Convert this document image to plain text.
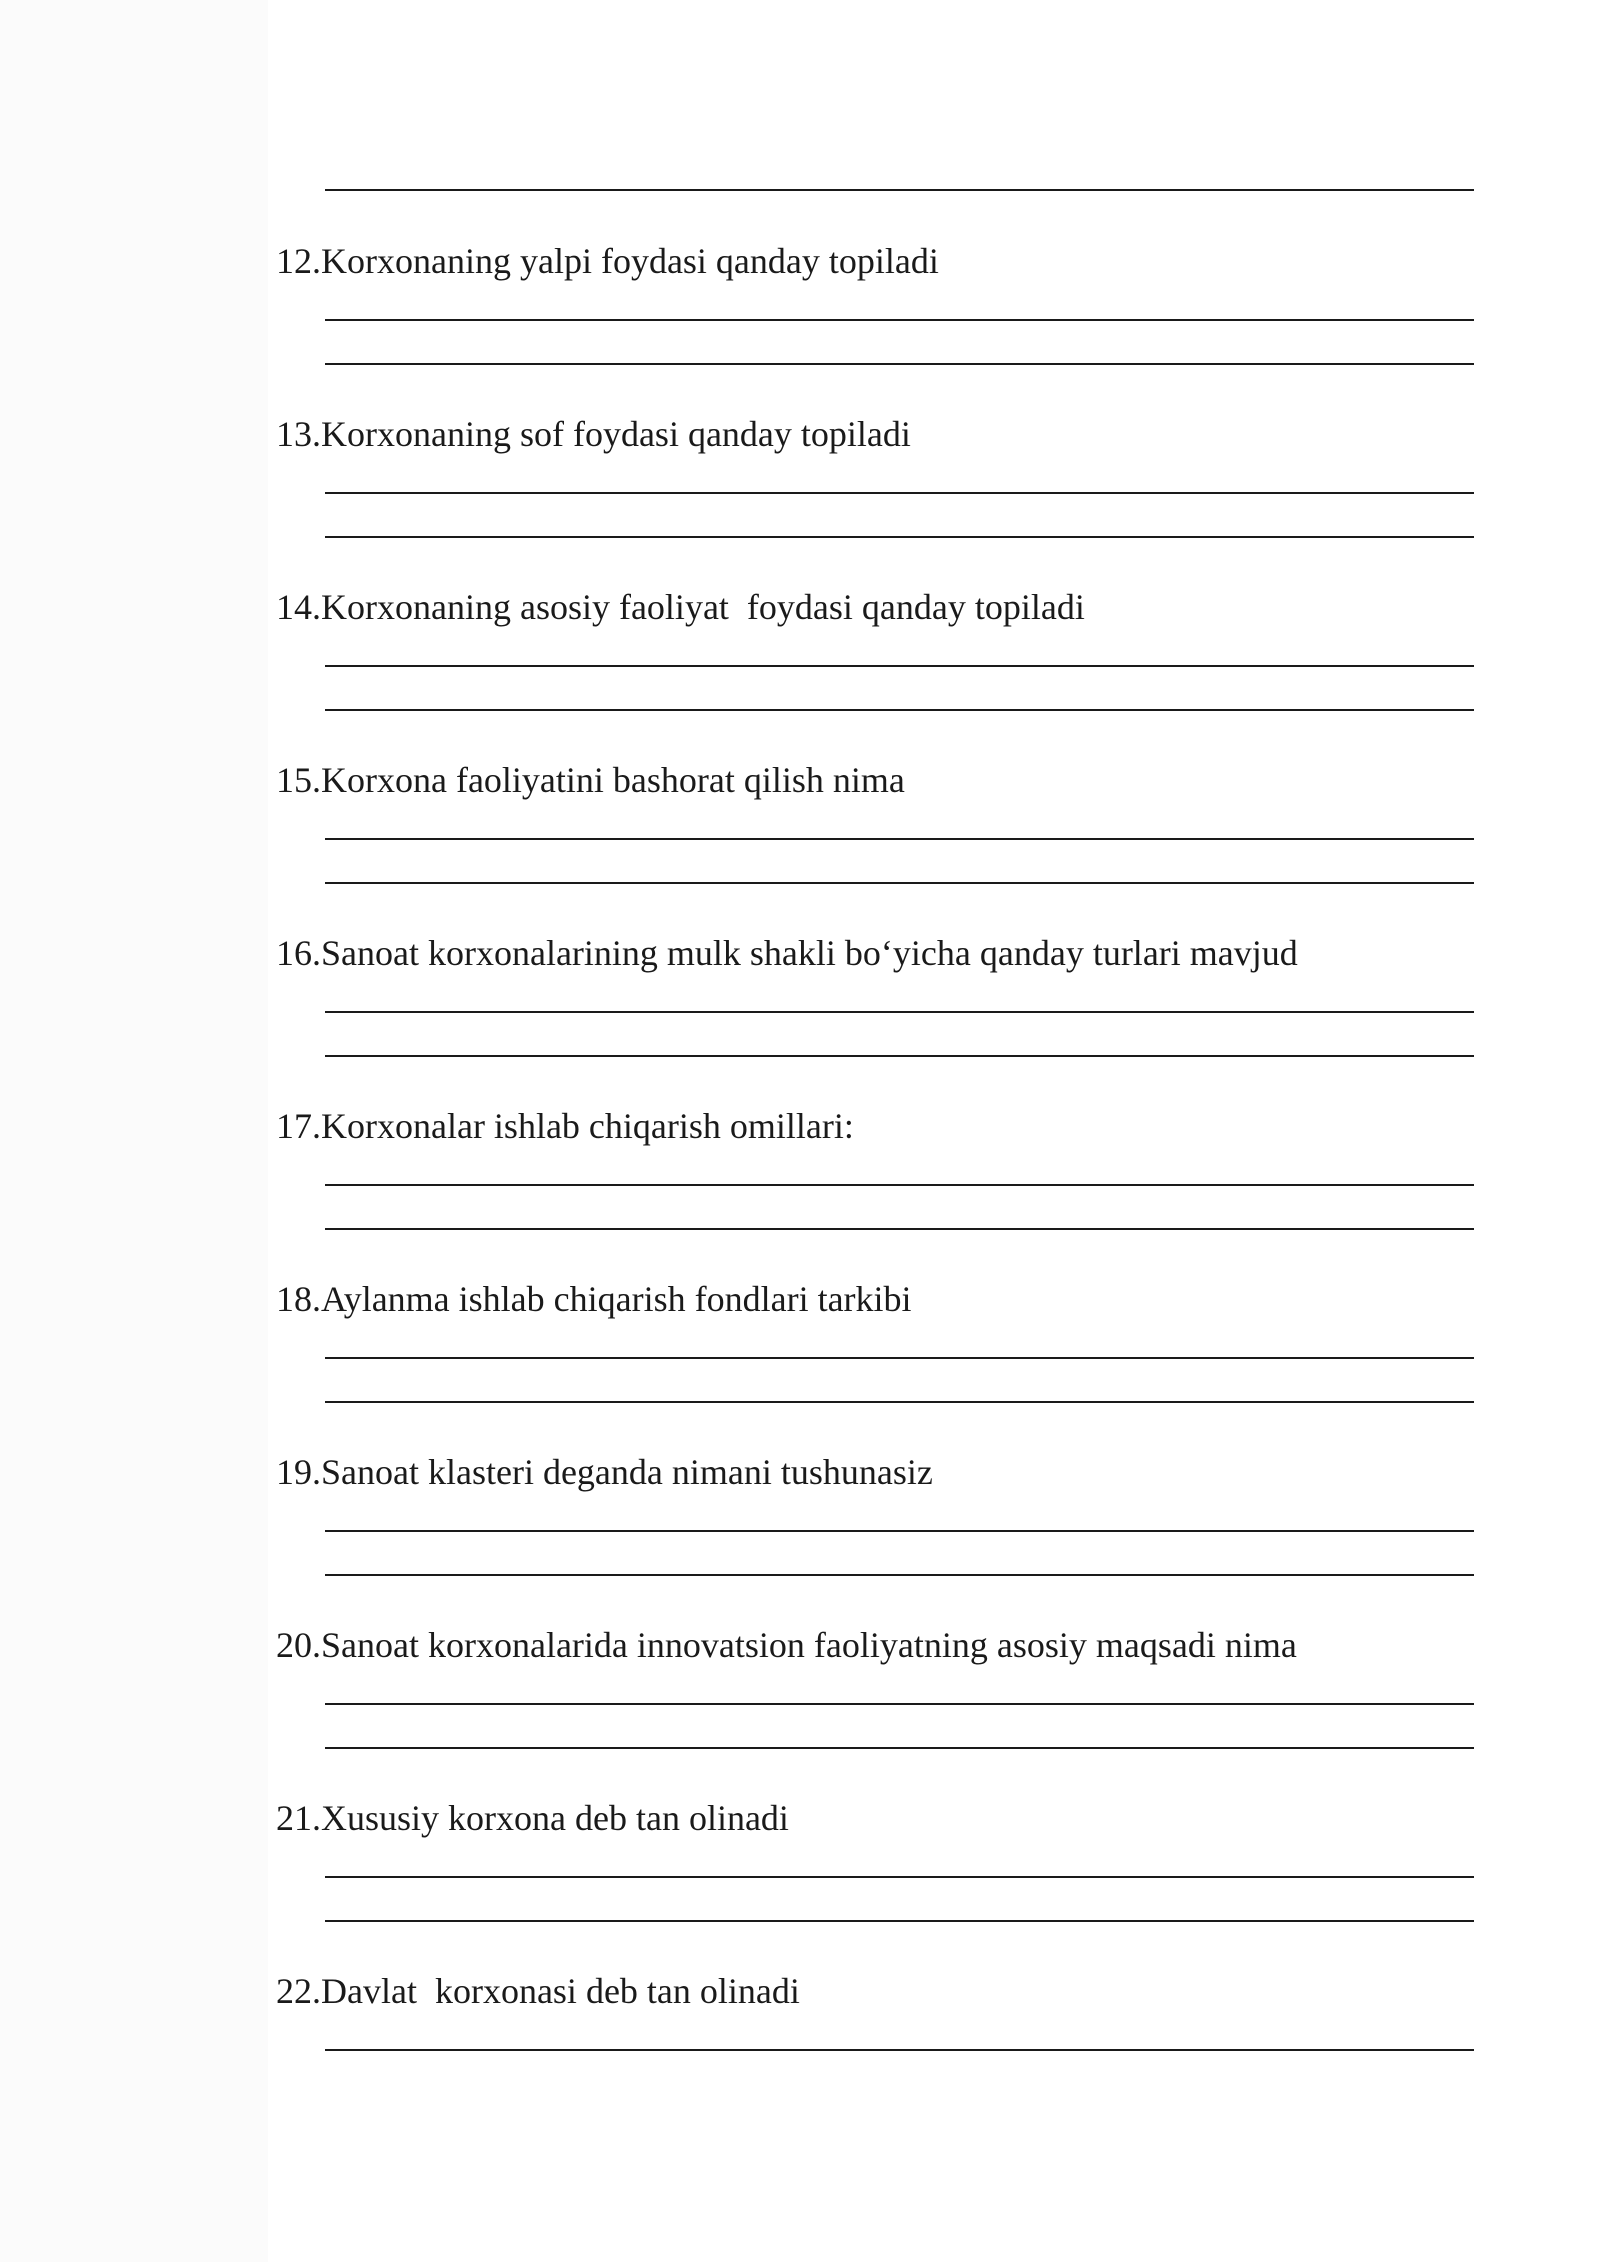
12.Korxonaning yalpi foydasi qanday topiladi
13.Korxonaning sof foydasi qanday topiladi
14.Korxonaning asosiy faoliyat  foydasi qanday topiladi
15.Korxona faoliyatini bashorat qilish nima
16.Sanoat korxonalarining mulk shakli bo‘yicha qanday turlari mavjud
17.Korxonalar ishlab chiqarish omillari:
18.Aylanma ishlab chiqarish fondlari tarkibi
19.Sanoat klasteri deganda nimani tushunasiz
20.Sanoat korxonalarida innovatsion faoliyatning asosiy maqsadi nima
21.Xususiy korxona deb tan olinadi
22.Davlat  korxonasi deb tan olinadi
